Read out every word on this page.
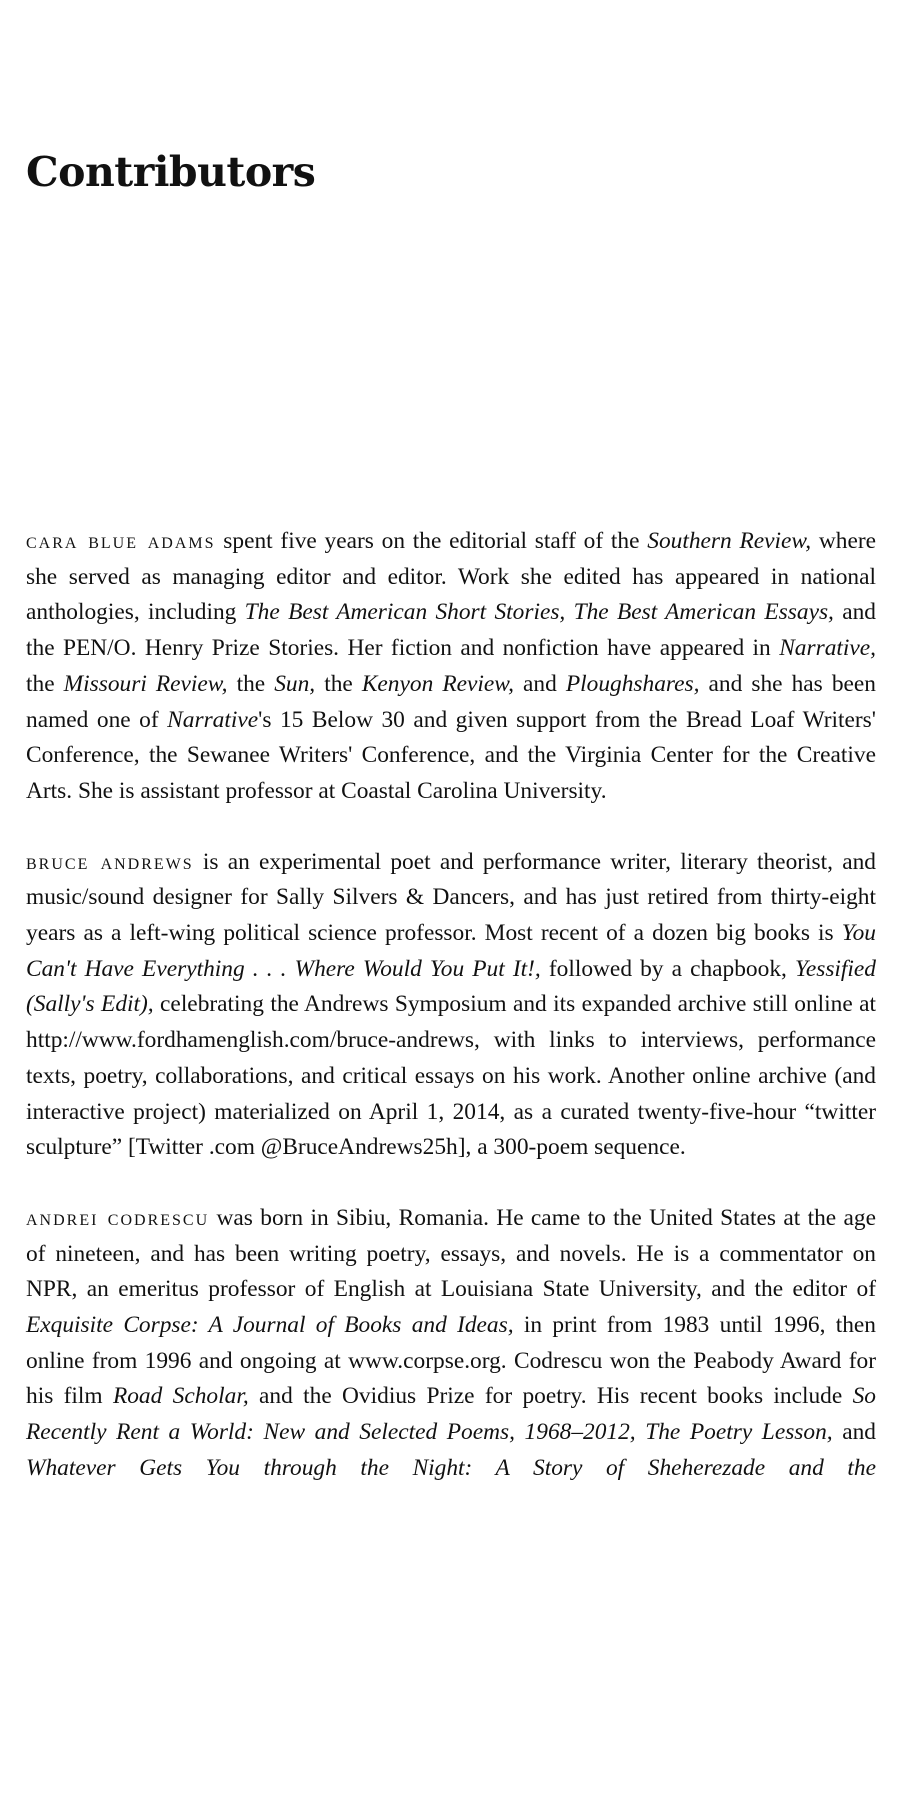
Contributors

cara blue adams spent five years on the editorial staff of the Southern Review, where she served as managing editor and editor. Work she edited has appeared in national anthologies, including The Best American Short Stories, The Best American Essays, and the PEN/O. Henry Prize Stories. Her fiction and nonfiction have appeared in Narrative, the Missouri Review, the Sun, the Kenyon Review, and Ploughshares, and she has been named one of Narrative's 15 Below 30 and given support from the Bread Loaf Writers' Conference, the Sewanee Writers' Conference, and the Virginia Center for the Creative Arts. She is assistant professor at Coastal Carolina University.

bruce andrews is an experimental poet and performance writer, literary theorist, and music/sound designer for Sally Silvers & Dancers, and has just retired from thirty-eight years as a left-wing political science professor. Most recent of a dozen big books is You Can't Have Everything . . . Where Would You Put It!, followed by a chapbook, Yessified (Sally's Edit), celebrating the Andrews Symposium and its expanded archive still online at http://www.fordhamenglish.com/bruce-andrews, with links to interviews, performance texts, poetry, collaborations, and critical essays on his work. Another online archive (and interactive project) materialized on April 1, 2014, as a curated twenty-five-hour “twitter sculpture” [Twitter .com @BruceAndrews25h], a 300-poem sequence.

andrei codrescu was born in Sibiu, Romania. He came to the United States at the age of nineteen, and has been writing poetry, essays, and novels. He is a commentator on NPR, an emeritus professor of English at Louisiana State University, and the editor of Exquisite Corpse: A Journal of Books and Ideas, in print from 1983 until 1996, then online from 1996 and ongoing at www.corpse.org. Codrescu won the Peabody Award for his film Road Scholar, and the Ovidius Prize for poetry. His recent books include So Recently Rent a World: New and Selected Poems, 1968–2012, The Poetry Lesson, and Whatever Gets You through the Night: A Story of Sheherezade and the
